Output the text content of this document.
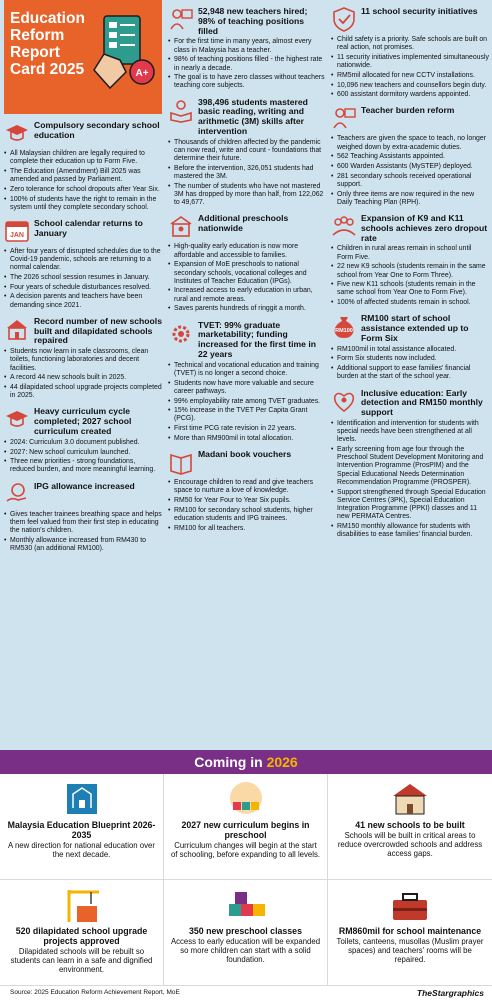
Education Reform Report Card 2025	A+
Compulsory secondary school education
• All Malaysian children are legally required to complete their education up to Form Five.
• The Education (Amendment) Bill 2025 was amended and passed by Parliament.
• Zero tolerance for school dropouts after Year Six.
• 100% of students have the right to remain in the system until they complete secondary school.
JAN
School calendar returns to January
• After four years of disrupted schedules due to the Covid-19 pandemic, schools are returning to a normal calendar.
• The 2026 school session resumes in January.
• Four years of schedule disturbances resolved.
• A decision parents and teachers have been demanding since 2021.
Record number of new schools built and dilapidated schools repaired
• Students now learn in safe classrooms, clean toilets, functioning laboratories and decent facilities.
• A record 44 new schools built in 2025.
• 44 dilapidated school upgrade projects completed in 2025.
Heavy curriculum cycle completed; 2027 school curriculum created
• 2024: Curriculum 3.0 document published.
• 2027: New school curriculum launched.
• Three new priorities - strong foundations, reduced burden, and more meaningful learning.
IPG allowance increased
• Gives teacher trainees breathing space and helps them feel valued from their first step in educating the nation's children.
• Monthly allowance increased from RM430 to RM530 (an additional RM100).
52,948 new teachers hired; 98% of teaching positions filled
• For the first time in many years, almost every class in Malaysia has a teacher.
• 98% of teaching positions filled - the highest rate in nearly a decade.
• The goal is to have zero classes without teachers teaching core subjects.
398,496 students mastered basic reading, writing and arithmetic (3M) skills after intervention
• Thousands of children affected by the pandemic can now read, write and count - foundations that determine their future.
• Before the intervention, 326,051 students had mastered the 3M.
• The number of students who have not mastered 3M has dropped by more than half, from 122,062 to 49,677.
Additional preschools nationwide
• High-quality early education is now more affordable and accessible to families.
• Expansion of MoE preschools to national secondary schools, vocational colleges and Institutes of Teacher Education (IPGs).
• Increased access to early education in urban, rural and remote areas.
• Saves parents hundreds of ringgit a month.
TVET: 99% graduate marketability; funding increased for the first time in 22 years
• Technical and vocational education and training (TVET) is no longer a second choice.
• Students now have more valuable and secure career pathways.
• 99% employability rate among TVET graduates.
• 15% increase in the TVET Per Capita Grant (PCG).
• First time PCG rate revision in 22 years.
• More than RM900mil in total allocation.
Madani book vouchers
• Encourage children to read and give teachers space to nurture a love of knowledge.
• RM50 for Year Four to Year Six pupils.
• RM100 for secondary school students, higher education students and IPG trainees.
• RM100 for all teachers.
11 school security initiatives
• Child safety is a priority. Safe schools are built on real action, not promises.
• 11 security initiatives implemented simultaneously nationwide.
• RM5mil allocated for new CCTV installations.
• 10,096 new teachers and counsellors begin duty.
• 600 assistant dormitory wardens appointed.
Teacher burden reform
• Teachers are given the space to teach, no longer weighed down by extra-academic duties.
• 562 Teaching Assistants appointed.
• 600 Warden Assistants (MySTEP) deployed.
• 281 secondary schools received operational support.
• Only three items are now required in the new Daily Teaching Plan (RPH).
Expansion of K9 and K11 schools achieves zero dropout rate
• Children in rural areas remain in school until Form Five.
• 22 new K9 schools (students remain in the same school from Year One to Form Three).
• Five new K11 schools (students remain in the same school from Year One to Form Five).
• 100% of affected students remain in school.
RM100
RM100 start of school assistance extended up to Form Six
• RM100mil in total assistance allocated.
• Form Six students now included.
• Additional support to ease families' financial burden at the start of the school year.
Inclusive education: Early detection and RM150 monthly support
• Identification and intervention for students with special needs have been strengthened at all levels.
• Early screening from age four through the Preschool Student Development Monitoring and Intervention Programme (ProsPIM) and the Special Educational Needs Determination Recommendation Programme (PROSPER).
• Support strengthened through Special Education Service Centres (3PK), Special Education Integration Programme (PPKI) classes and 11 new PERMATA Centres.
• RM150 monthly allowance for students with disabilities to ease families' financial burden.
Coming in 2026
Malaysia Education Blueprint 2026-2035
A new direction for national education over the next decade.
2027 new curriculum begins in preschool
Curriculum changes will begin at the start of schooling, before expanding to all levels.
41 new schools to be built
Schools will be built in critical areas to reduce overcrowded schools and address access gaps.
520 dilapidated school upgrade projects approved
Dilapidated schools will be rebuilt so students can learn in a safe and dignified environment.
350 new preschool classes
Access to early education will be expanded so more children can start with a solid foundation.
RM860mil for school maintenance
Toilets, canteens, musollas (Muslim prayer spaces) and teachers' rooms will be repaired.
Source: 2025 Education Reform Achievement Report, MoE	TheStargraphics
